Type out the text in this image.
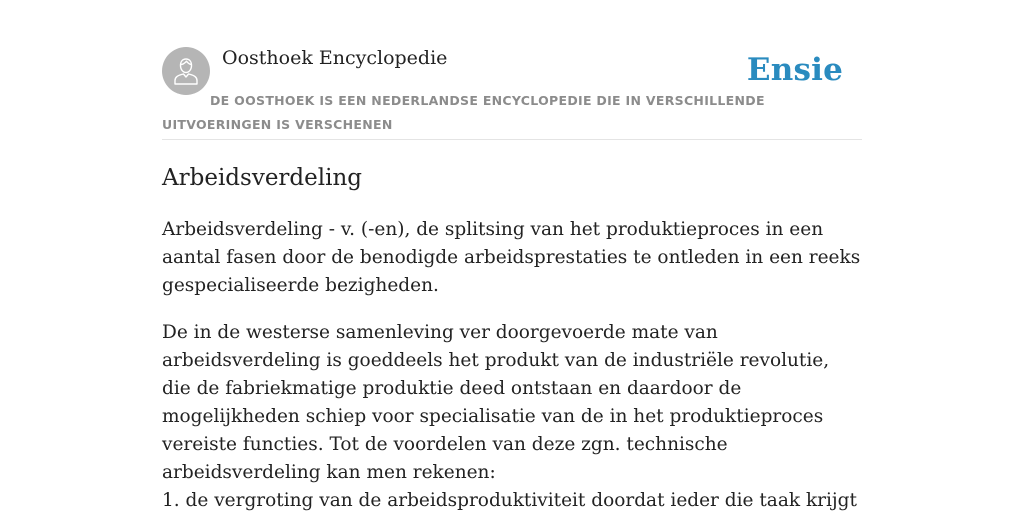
Oosthoek Encyclopedie	Ensie
DE OOSTHOEK IS EEN NEDERLANDSE ENCYCLOPEDIE DIE IN VERSCHILLENDE UITVOERINGEN IS VERSCHENEN
Arbeidsverdeling

Arbeidsverdeling - v. (-en), de splitsing van het produktieproces in een aantal fasen door de benodigde arbeidsprestaties te ontleden in een reeks gespecialiseerde bezigheden.

De in de westerse samenleving ver doorgevoerde mate van arbeidsverdeling is goeddeels het produkt van de industriële revolutie, die de fabriekmatige produktie deed ontstaan en daardoor de mogelijkheden schiep voor specialisatie van de in het produktieproces vereiste functies. Tot de voordelen van deze zgn. technische arbeidsverdeling kan men rekenen:

1. de vergroting van de arbeidsproduktiviteit doordat ieder die taak krijgt
